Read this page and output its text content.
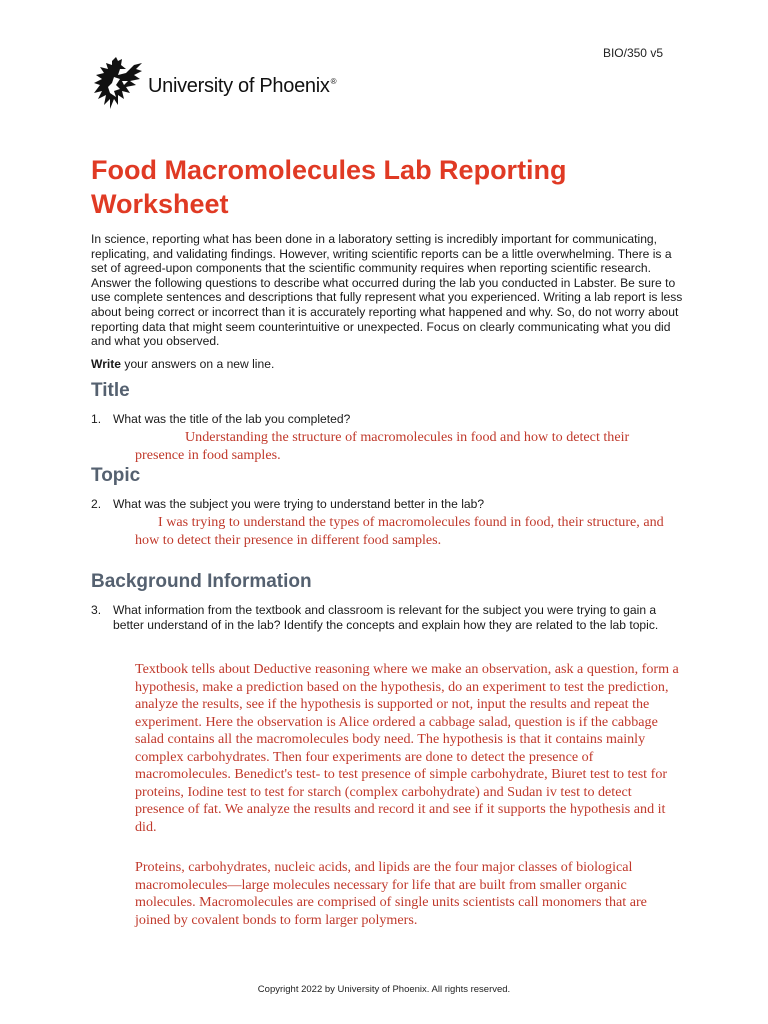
BIO/350 v5
University of Phoenix®
Food Macromolecules Lab Reporting Worksheet
In science, reporting what has been done in a laboratory setting is incredibly important for communicating, replicating, and validating findings. However, writing scientific reports can be a little overwhelming. There is a set of agreed-upon components that the scientific community requires when reporting scientific research. Answer the following questions to describe what occurred during the lab you conducted in Labster. Be sure to use complete sentences and descriptions that fully represent what you experienced. Writing a lab report is less about being correct or incorrect than it is accurately reporting what happened and why. So, do not worry about reporting data that might seem counterintuitive or unexpected. Focus on clearly communicating what you did and what you observed.
Write your answers on a new line.
Title
1. What was the title of the lab you completed?
Understanding the structure of macromolecules in food and how to detect their presence in food samples.
Topic
2. What was the subject you were trying to understand better in the lab?
I was trying to understand the types of macromolecules found in food, their structure, and how to detect their presence in different food samples.
Background Information
3. What information from the textbook and classroom is relevant for the subject you were trying to gain a better understand of in the lab? Identify the concepts and explain how they are related to the lab topic.
Textbook tells about Deductive reasoning where we make an observation, ask a question, form a hypothesis, make a prediction based on the hypothesis, do an experiment to test the prediction, analyze the results, see if the hypothesis is supported or not, input the results and repeat the experiment. Here the observation is Alice ordered a cabbage salad, question is if the cabbage salad contains all the macromolecules body need. The hypothesis is that it contains mainly complex carbohydrates. Then four experiments are done to detect the presence of macromolecules. Benedict's test- to test presence of simple carbohydrate, Biuret test to test for proteins, Iodine test to test for starch (complex carbohydrate) and Sudan iv test to detect presence of fat. We analyze the results and record it and see if it supports the hypothesis and it did.
Proteins, carbohydrates, nucleic acids, and lipids are the four major classes of biological macromolecules—large molecules necessary for life that are built from smaller organic molecules. Macromolecules are comprised of single units scientists call monomers that are joined by covalent bonds to form larger polymers.
Copyright 2022 by University of Phoenix. All rights reserved.
